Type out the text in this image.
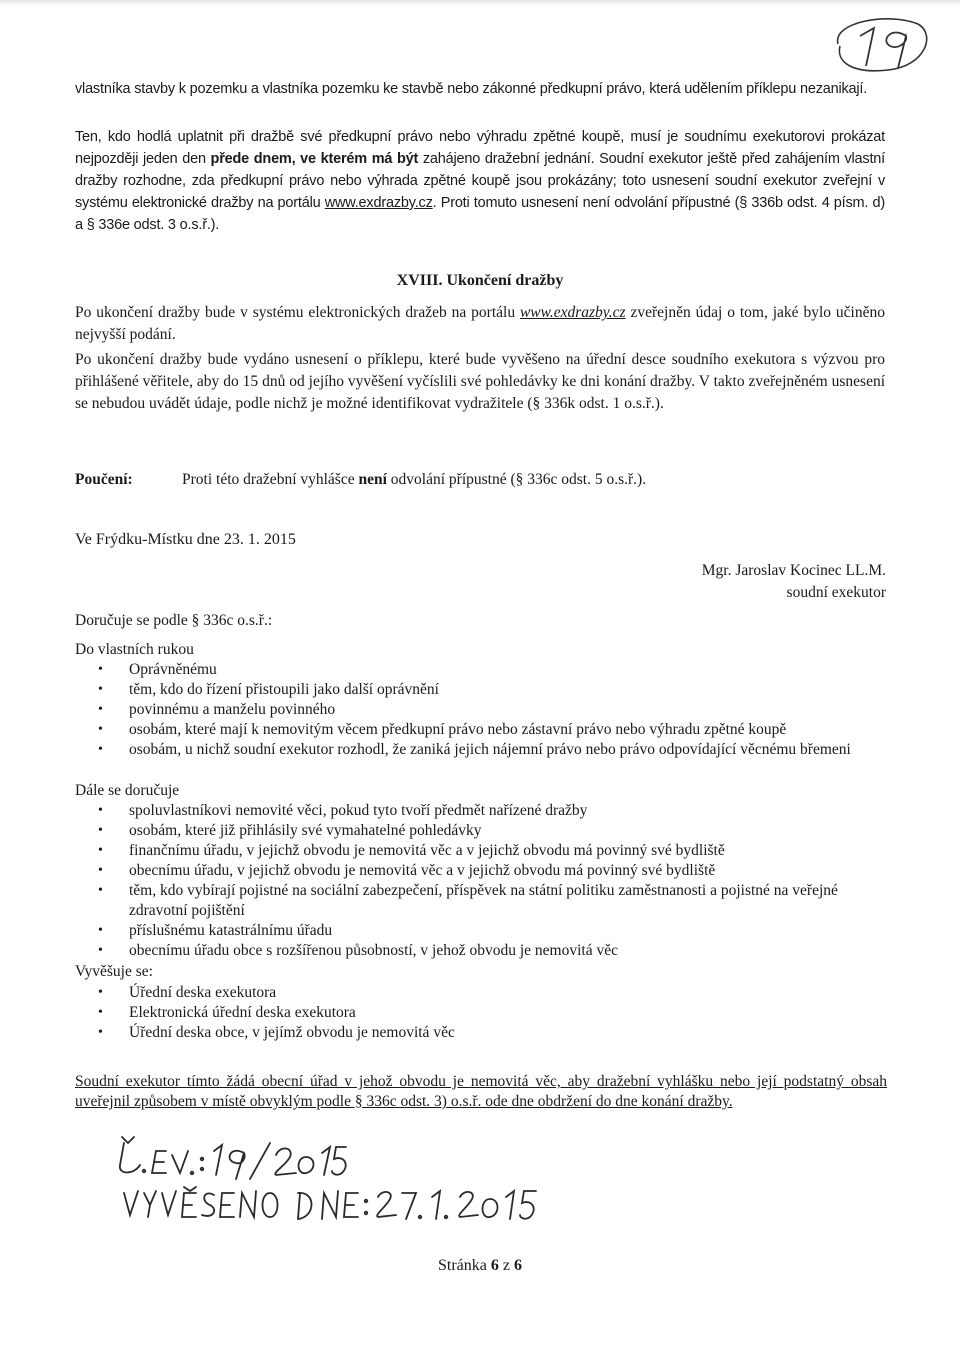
vlastníka stavby k pozemku a vlastníka pozemku ke stavbě nebo zákonné předkupní právo, která udělením příklepu nezanikají.

Ten, kdo hodlá uplatnit při dražbě své předkupní právo nebo výhradu zpětné koupě, musí je soudnímu exekutorovi prokázat nejpozději jeden den přede dnem, ve kterém má být zahájeno dražební jednání. Soudní exekutor ještě před zahájením vlastní dražby rozhodne, zda předkupní právo nebo výhrada zpětné koupě jsou prokázány; toto usnesení soudní exekutor zveřejní v systému elektronické dražby na portálu www.exdrazby.cz. Proti tomuto usnesení není odvolání přípustné (§ 336b odst. 4 písm. d) a § 336e odst. 3 o.s.ř.).

XVIII. Ukončení dražby

Po ukončení dražby bude v systému elektronických dražeb na portálu www.exdrazby.cz zveřejněn údaj o tom, jaké bylo učiněno nejvyšší podání.

Po ukončení dražby bude vydáno usnesení o příklepu, které bude vyvěšeno na úřední desce soudního exekutora s výzvou pro přihlášené věřitele, aby do 15 dnů od jejího vyvěšení vyčíslili své pohledávky ke dni konání dražby. V takto zveřejněném usnesení se nebudou uvádět údaje, podle nichž je možné identifikovat vydražitele (§ 336k odst. 1 o.s.ř.).

Poučení:	Proti této dražební vyhlášce není odvolání přípustné (§ 336c odst. 5 o.s.ř.).
Ve Frýdku-Místku dne 23. 1. 2015
Mgr. Jaroslav Kocinec LL.M.
soudní exekutor
Doručuje se podle § 336c o.s.ř.:
Do vlastních rukou
• Oprávněnému
• těm, kdo do řízení přistoupili jako další oprávnění
• povinnému a manželu povinného
• osobám, které mají k nemovitým věcem předkupní právo nebo zástavní právo nebo výhradu zpětné koupě
• osobám, u nichž soudní exekutor rozhodl, že zaniká jejich nájemní právo nebo právo odpovídající věcnému břemeni
Dále se doručuje
• spoluvlastníkovi nemovité věci, pokud tyto tvoří předmět nařízené dražby
• osobám, které již přihlásily své vymahatelné pohledávky
• finančnímu úřadu, v jejichž obvodu je nemovitá věc a v jejichž obvodu má povinný své bydliště
• obecnímu úřadu, v jejichž obvodu je nemovitá věc a v jejichž obvodu má povinný své bydliště
• těm, kdo vybírají pojistné na sociální zabezpečení, příspěvek na státní politiku zaměstnanosti a pojistné na veřejné zdravotní pojištění
• příslušnému katastrálnímu úřadu
• obecnímu úřadu obce s rozšířenou působností, v jehož obvodu je nemovitá věc
Vyvěšuje se:
• Úřední deska exekutora
• Elektronická úřední deska exekutora
• Úřední deska obce, v jejímž obvodu je nemovitá věc
Soudní exekutor tímto žádá obecní úřad v jehož obvodu je nemovitá věc, aby dražební vyhlášku nebo její podstatný obsah uveřejnil způsobem v místě obvyklým podle § 336c odst. 3) o.s.ř. ode dne obdržení do dne konání dražby.
Stránka 6 z 6
